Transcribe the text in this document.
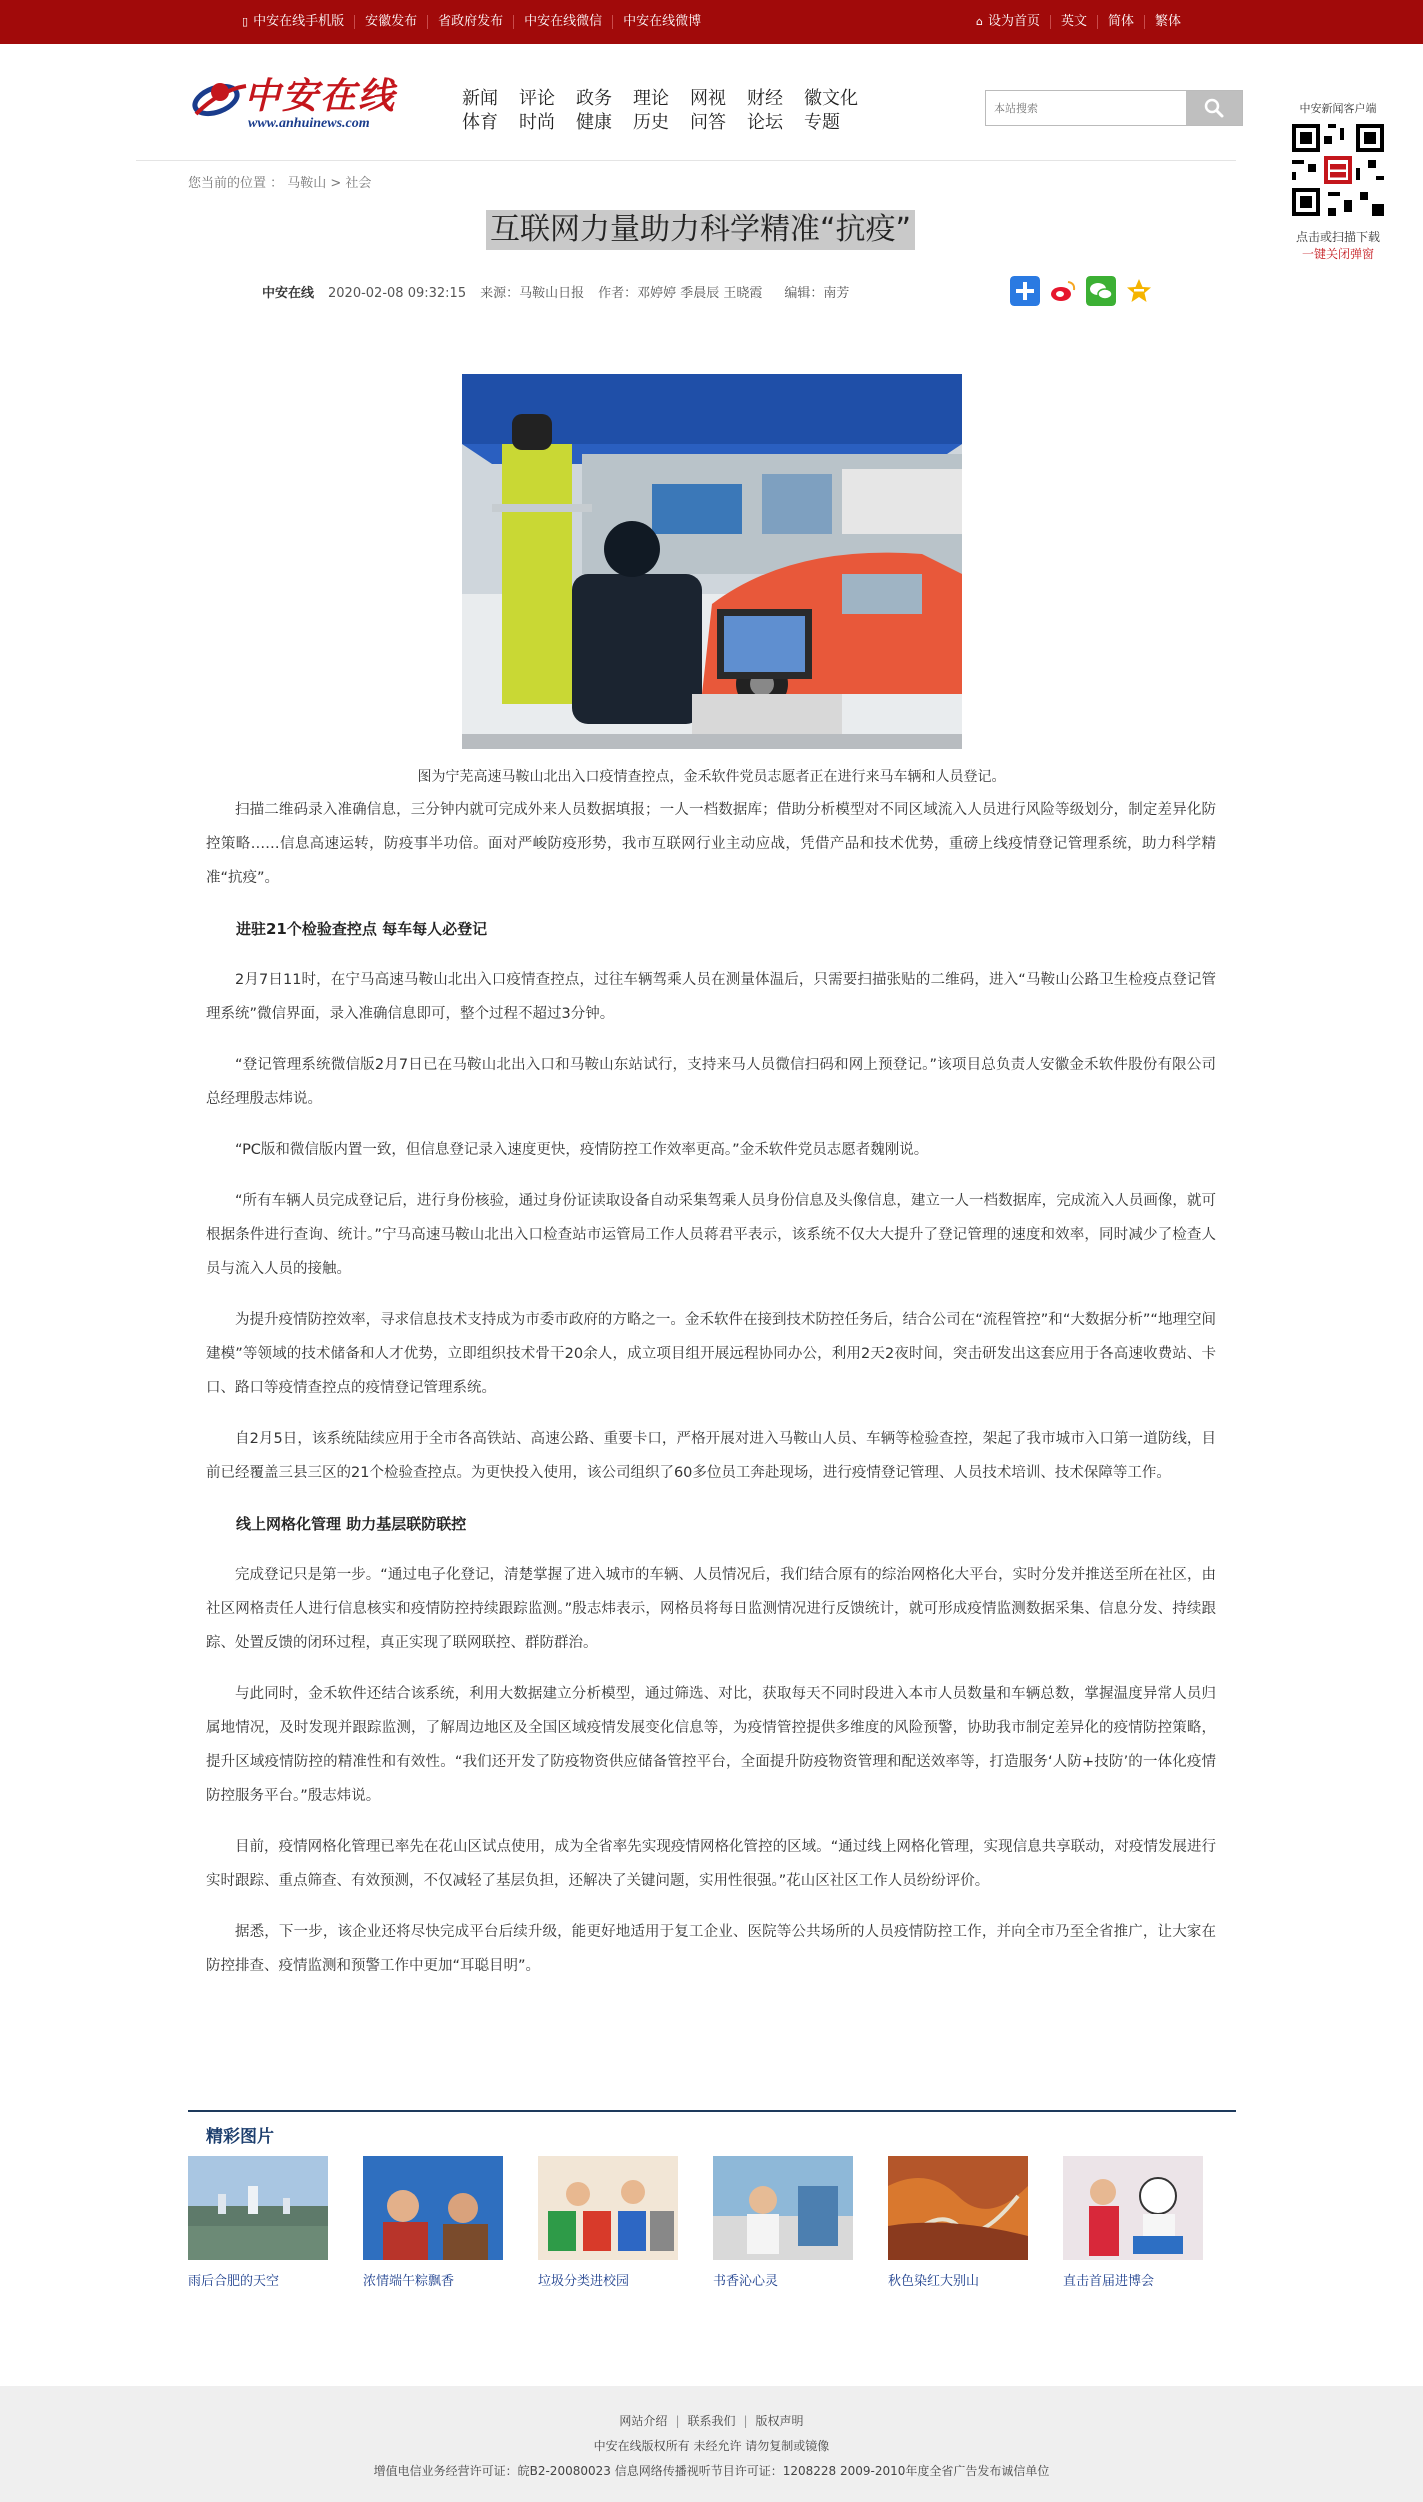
▯ 中安在线手机版	安徽发布	省政府发布	中安在线微信	中安在线微博	⌂ 设为首页	英文	简体	繁体
中安在线
www.anhuinews.com
新闻	评论	政务	理论	网视	财经	徽文化
体育	时尚	健康	历史	问答	论坛	专题
本站搜索
中安新闻客户端
点击或扫描下载
一键关闭弹窗
您当前的位置 ： 马鞍山 > 社会
互联网力量助力科学精准“抗疫”
中安在线 2020-02-08 09:32:15 来源：马鞍山日报 作者：邓婷婷 季晨辰 王晓霞 编辑：南芳
图为宁芜高速马鞍山北出入口疫情查控点，金禾软件党员志愿者正在进行来马车辆和人员登记。

扫描二维码录入准确信息，三分钟内就可完成外来人员数据填报；一人一档数据库；借助分析模型对不同区域流入人员进行风险等级划分，制定差异化防控策略……信息高速运转，防疫事半功倍。面对严峻防疫形势，我市互联网行业主动应战，凭借产品和技术优势，重磅上线疫情登记管理系统，助力科学精准“抗疫”。

进驻21个检验查控点 每车每人必登记

2月7日11时，在宁马高速马鞍山北出入口疫情查控点，过往车辆驾乘人员在测量体温后，只需要扫描张贴的二维码，进入“马鞍山公路卫生检疫点登记管理系统”微信界面，录入准确信息即可，整个过程不超过3分钟。

“登记管理系统微信版2月7日已在马鞍山北出入口和马鞍山东站试行，支持来马人员微信扫码和网上预登记。”该项目总负责人安徽金禾软件股份有限公司总经理殷志炜说。

“PC版和微信版内置一致，但信息登记录入速度更快，疫情防控工作效率更高。”金禾软件党员志愿者魏刚说。

“所有车辆人员完成登记后，进行身份核验，通过身份证读取设备自动采集驾乘人员身份信息及头像信息，建立一人一档数据库，完成流入人员画像，就可根据条件进行查询、统计。”宁马高速马鞍山北出入口检查站市运管局工作人员蒋君平表示，该系统不仅大大提升了登记管理的速度和效率，同时减少了检查人员与流入人员的接触。

为提升疫情防控效率，寻求信息技术支持成为市委市政府的方略之一。金禾软件在接到技术防控任务后，结合公司在“流程管控”和“大数据分析”“地理空间建模”等领域的技术储备和人才优势，立即组织技术骨干20余人，成立项目组开展远程协同办公，利用2天2夜时间，突击研发出这套应用于各高速收费站、卡口、路口等疫情查控点的疫情登记管理系统。

自2月5日，该系统陆续应用于全市各高铁站、高速公路、重要卡口，严格开展对进入马鞍山人员、车辆等检验查控，架起了我市城市入口第一道防线，目前已经覆盖三县三区的21个检验查控点。为更快投入使用，该公司组织了60多位员工奔赴现场，进行疫情登记管理、人员技术培训、技术保障等工作。

线上网格化管理 助力基层联防联控

完成登记只是第一步。“通过电子化登记，清楚掌握了进入城市的车辆、人员情况后，我们结合原有的综治网格化大平台，实时分发并推送至所在社区，由社区网格责任人进行信息核实和疫情防控持续跟踪监测。”殷志炜表示，网格员将每日监测情况进行反馈统计，就可形成疫情监测数据采集、信息分发、持续跟踪、处置反馈的闭环过程，真正实现了联网联控、群防群治。

与此同时，金禾软件还结合该系统，利用大数据建立分析模型，通过筛选、对比，获取每天不同时段进入本市人员数量和车辆总数，掌握温度异常人员归属地情况，及时发现并跟踪监测，了解周边地区及全国区域疫情发展变化信息等，为疫情管控提供多维度的风险预警，协助我市制定差异化的疫情防控策略，提升区域疫情防控的精准性和有效性。“我们还开发了防疫物资供应储备管控平台，全面提升防疫物资管理和配送效率等，打造服务‘人防+技防’的一体化疫情防控服务平台。”殷志炜说。

目前，疫情网格化管理已率先在花山区试点使用，成为全省率先实现疫情网格化管控的区域。“通过线上网格化管理，实现信息共享联动，对疫情发展进行实时跟踪、重点筛查、有效预测，不仅减轻了基层负担，还解决了关键问题，实用性很强。”花山区社区工作人员纷纷评价。

据悉，下一步，该企业还将尽快完成平台后续升级，能更好地适用于复工企业、医院等公共场所的人员疫情防控工作，并向全市乃至全省推广，让大家在防控排查、疫情监测和预警工作中更加“耳聪目明”。

精彩图片
雨后合肥的天空	浓情端午粽飘香	垃圾分类进校园	书香沁心灵	秋色染红大别山	直击首届进博会
网站介绍 | 联系我们 | 版权声明
中安在线版权所有 未经允许 请勿复制或镜像
增值电信业务经营许可证：皖B2-20080023 信息网络传播视听节目许可证：1208228 2009-2010年度全省广告发布诚信单位
